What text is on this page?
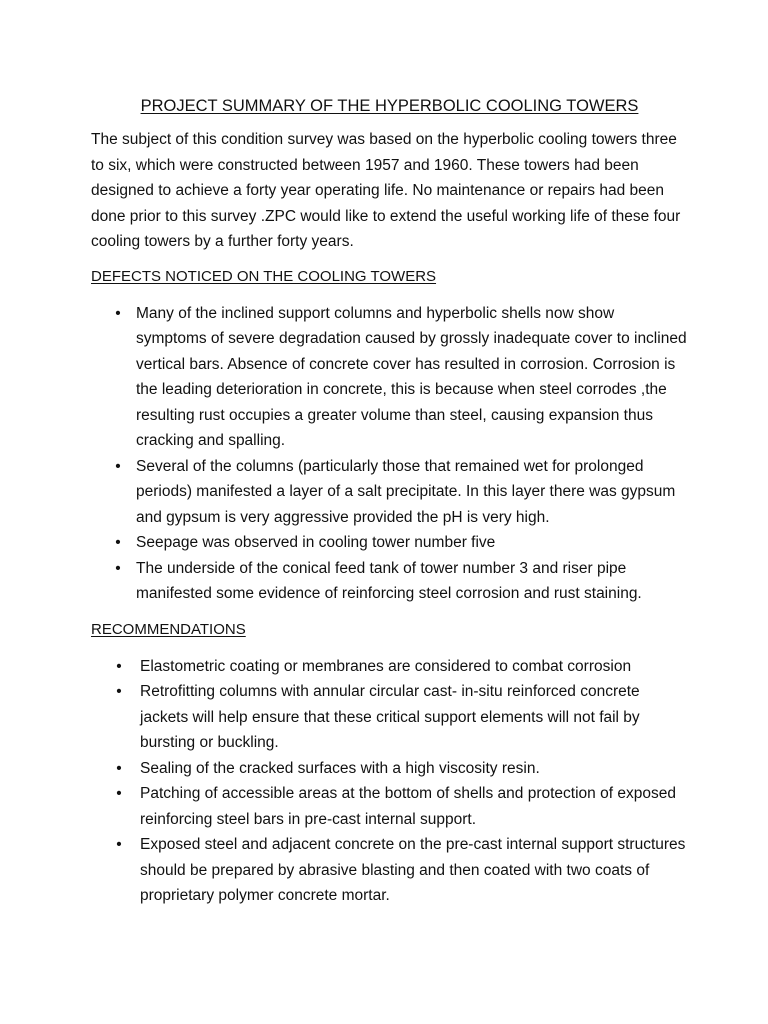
PROJECT SUMMARY OF THE HYPERBOLIC COOLING TOWERS

The subject of this condition survey was based on the hyperbolic cooling towers three to six, which were constructed between 1957 and 1960. These towers had been designed to achieve a forty year operating life. No maintenance or repairs had been done prior to this survey .ZPC would like to extend the useful working life of these four cooling towers by a further forty years.

DEFECTS NOTICED ON THE COOLING TOWERS
• Many of the inclined support columns and hyperbolic shells now show symptoms of severe degradation caused by grossly inadequate cover to inclined vertical bars. Absence of concrete cover has resulted in corrosion. Corrosion is the leading deterioration in concrete, this is because when steel corrodes ,the resulting rust occupies a greater volume than steel, causing expansion thus cracking and spalling.
• Several of the columns (particularly those that remained wet for prolonged periods) manifested a layer of a salt precipitate. In this layer there was gypsum and gypsum is very aggressive provided the pH is very high.
• Seepage was observed in cooling tower number five
• The underside of the conical feed tank of tower number 3 and riser pipe manifested some evidence of reinforcing steel corrosion and rust staining.
RECOMMENDATIONS
• Elastometric coating or membranes are considered to combat corrosion
• Retrofitting columns with annular circular cast- in-situ reinforced concrete jackets will help ensure that these critical support elements will not fail by bursting or buckling.
• Sealing of the cracked surfaces with a high viscosity resin.
• Patching of accessible areas at the bottom of shells and protection of exposed reinforcing steel bars in pre-cast internal support.
• Exposed steel and adjacent concrete on the pre-cast internal support structures should be prepared by abrasive blasting and then coated with two coats of proprietary polymer concrete mortar.
